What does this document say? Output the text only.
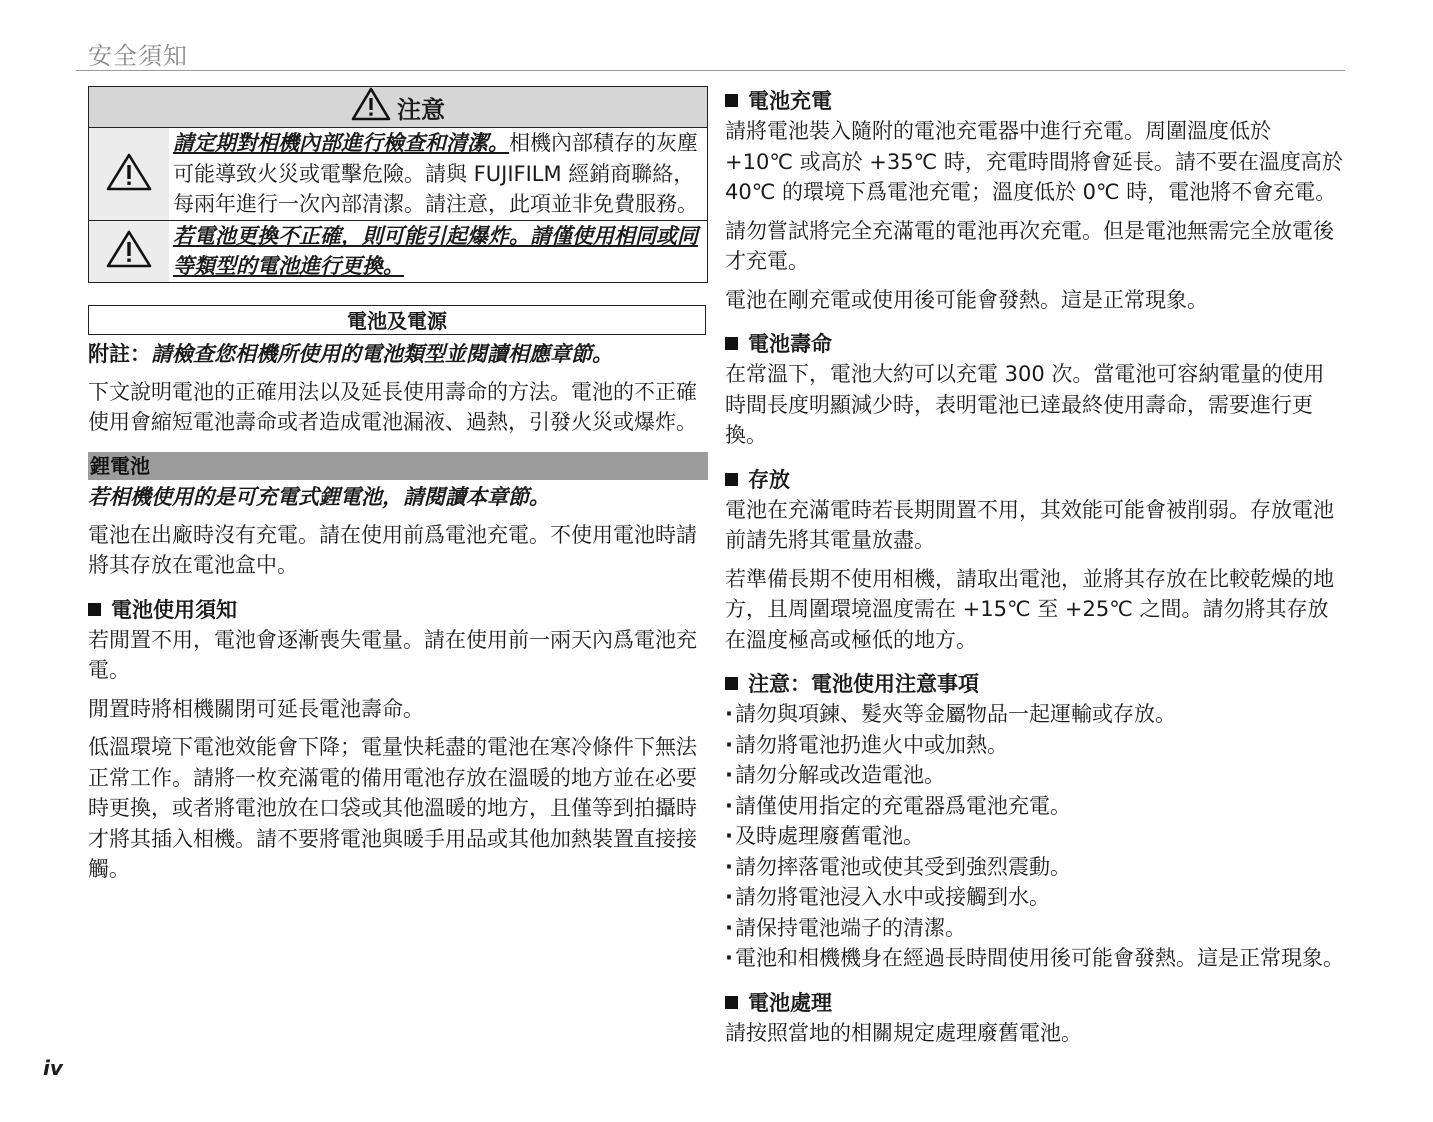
安全須知
注意
請定期對相機內部進行檢查和清潔。相機內部積存的灰塵可能導致火災或電擊危險。請與 FUJIFILM 經銷商聯絡，每兩年進行一次內部清潔。請注意，此項並非免費服務。
若電池更換不正確，則可能引起爆炸。請僅使用相同或同等類型的電池進行更換。
電池及電源
附註：請檢查您相機所使用的電池類型並閱讀相應章節。

下文說明電池的正確用法以及延長使用壽命的方法。電池的不正確使用會縮短電池壽命或者造成電池漏液、過熱，引發火災或爆炸。

鋰電池
若相機使用的是可充電式鋰電池，請閱讀本章節。

電池在出廠時沒有充電。請在使用前爲電池充電。不使用電池時請將其存放在電池盒中。

電池使用須知

若閒置不用，電池會逐漸喪失電量。請在使用前一兩天內爲電池充電。

閒置時將相機關閉可延長電池壽命。

低溫環境下電池效能會下降；電量快耗盡的電池在寒冷條件下無法正常工作。請將一枚充滿電的備用電池存放在溫暖的地方並在必要時更換，或者將電池放在口袋或其他溫暖的地方，且僅等到拍攝時才將其插入相機。請不要將電池與暖手用品或其他加熱裝置直接接觸。

電池充電

請將電池裝入隨附的電池充電器中進行充電。周圍溫度低於 +10℃ 或高於 +35℃ 時，充電時間將會延長。請不要在溫度高於 40℃ 的環境下爲電池充電；溫度低於 0℃ 時，電池將不會充電。

請勿嘗試將完全充滿電的電池再次充電。但是電池無需完全放電後才充電。

電池在剛充電或使用後可能會發熱。這是正常現象。

電池壽命

在常溫下，電池大約可以充電 300 次。當電池可容納電量的使用時間長度明顯減少時，表明電池已達最終使用壽命，需要進行更換。

存放

電池在充滿電時若長期閒置不用，其效能可能會被削弱。存放電池前請先將其電量放盡。

若準備長期不使用相機，請取出電池，並將其存放在比較乾燥的地方，且周圍環境溫度需在 +15℃ 至 +25℃ 之間。請勿將其存放在溫度極高或極低的地方。

注意：電池使用注意事項
· 請勿與項鍊、髮夾等金屬物品一起運輸或存放。
· 請勿將電池扔進火中或加熱。
· 請勿分解或改造電池。
· 請僅使用指定的充電器爲電池充電。
· 及時處理廢舊電池。
· 請勿摔落電池或使其受到強烈震動。
· 請勿將電池浸入水中或接觸到水。
· 請保持電池端子的清潔。
· 電池和相機機身在經過長時間使用後可能會發熱。這是正常現象。
電池處理

請按照當地的相關規定處理廢舊電池。

iv
